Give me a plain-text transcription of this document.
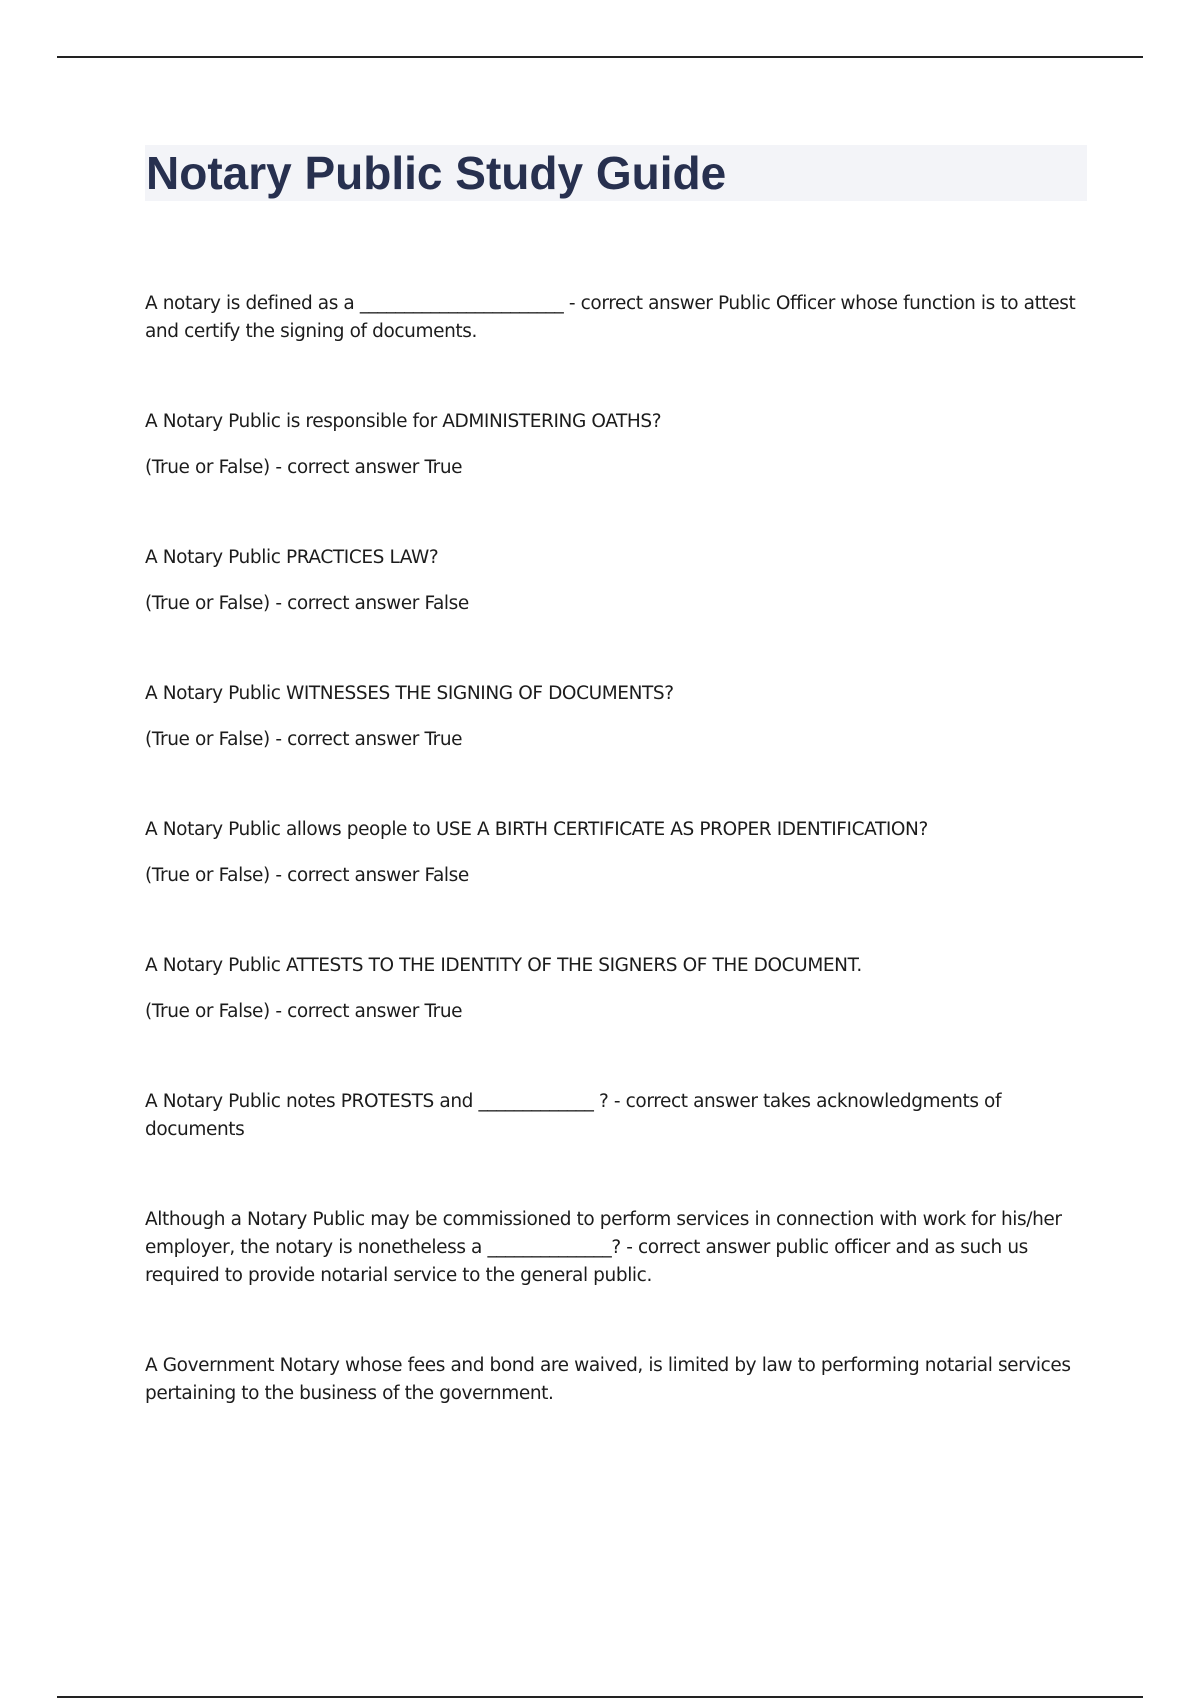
Notary Public Study Guide

A notary is defined as a _______________________ - correct answer Public Officer whose function is to attest and certify the signing of documents.

A Notary Public is responsible for ADMINISTERING OATHS?

(True or False) - correct answer True

A Notary Public PRACTICES LAW?

(True or False) - correct answer False

A Notary Public WITNESSES THE SIGNING OF DOCUMENTS?

(True or False) - correct answer True

A Notary Public allows people to USE A BIRTH CERTIFICATE AS PROPER IDENTIFICATION?

(True or False) - correct answer False

A Notary Public ATTESTS TO THE IDENTITY OF THE SIGNERS OF THE DOCUMENT.

(True or False) - correct answer True

A Notary Public notes PROTESTS and _____________ ? - correct answer takes acknowledgments of documents

Although a Notary Public may be commissioned to perform services in connection with work for his/her employer, the notary is nonetheless a ______________? - correct answer public officer and as such us required to provide notarial service to the general public.

A Government Notary whose fees and bond are waived, is limited by law to performing notarial services pertaining to the business of the government.
